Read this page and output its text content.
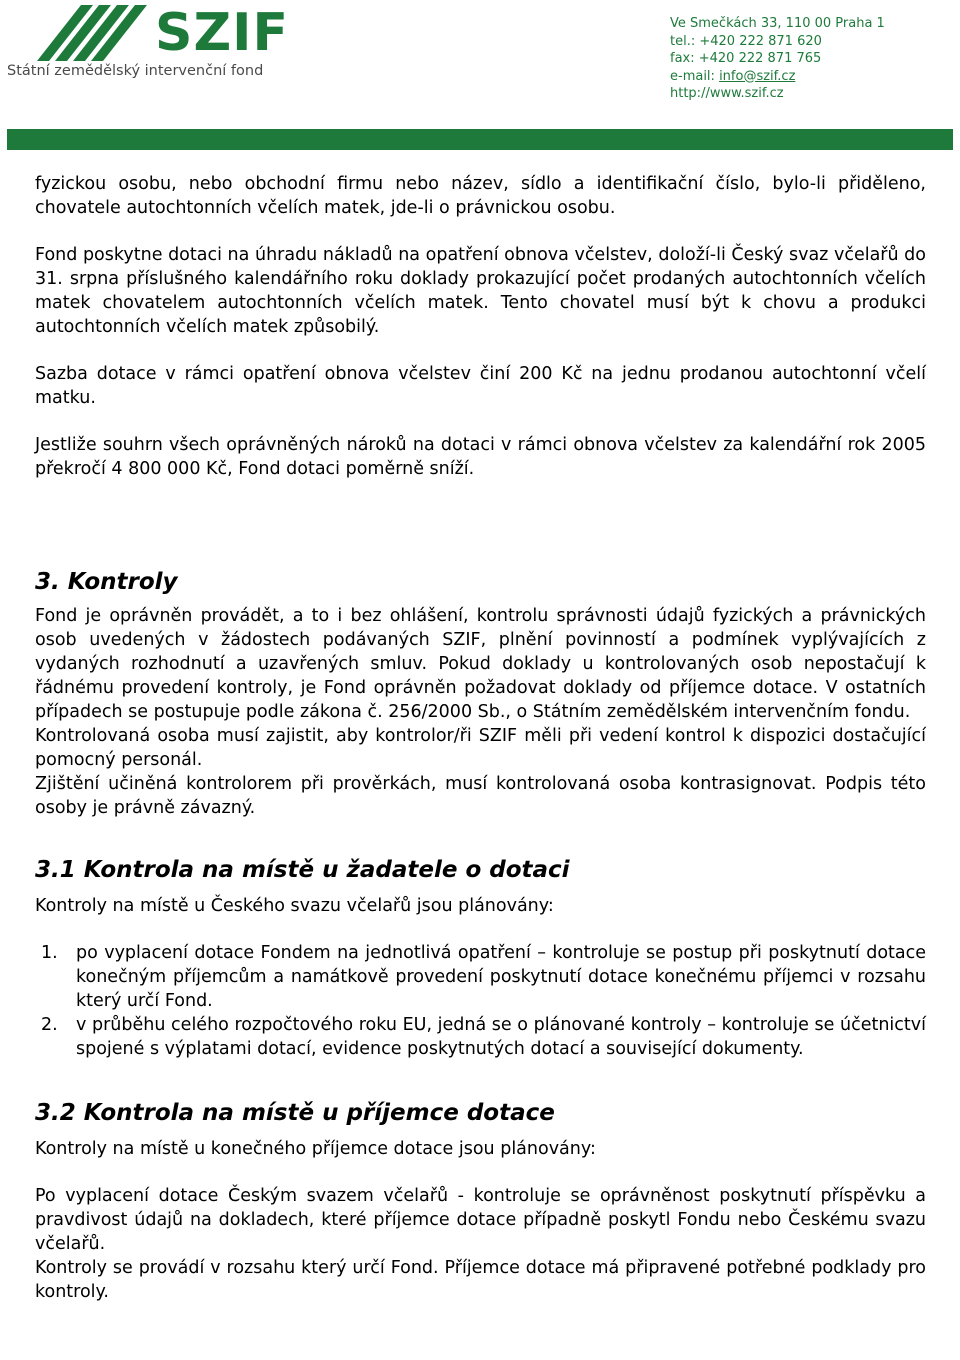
SZIF
Státní zemědělský intervenční fond
Ve Smečkách 33, 110 00 Praha 1
tel.: +420 222 871 620
fax: +420 222 871 765
e-mail: info@szif.cz
http://www.szif.cz

fyzickou osobu, nebo obchodní firmu nebo název, sídlo a identifikační číslo, bylo-li přiděleno, chovatele autochtonních včelích matek, jde-li o právnickou osobu.

Fond poskytne dotaci na úhradu nákladů na opatření obnova včelstev, doloží-li Český svaz včelařů do 31. srpna příslušného kalendářního roku doklady prokazující počet prodaných autochtonních včelích matek chovatelem autochtonních včelích matek. Tento chovatel musí být k chovu a produkci autochtonních včelích matek způsobilý.

Sazba dotace v rámci opatření obnova včelstev činí 200 Kč na jednu prodanou autochtonní včelí matku.

Jestliže souhrn všech oprávněných nároků na dotaci v rámci obnova včelstev za kalendářní rok 2005 překročí 4 800 000 Kč, Fond dotaci poměrně sníží.

3. Kontroly

Fond je oprávněn provádět, a to i bez ohlášení, kontrolu správnosti údajů fyzických a právnických osob uvedených v žádostech podávaných SZIF, plnění povinností a podmínek vyplývajících z vydaných rozhodnutí a uzavřených smluv. Pokud doklady u kontrolovaných osob nepostačují k řádnému provedení kontroly, je Fond oprávněn požadovat doklady od příjemce dotace. V ostatních případech se postupuje podle zákona č. 256/2000 Sb., o Státním zemědělském intervenčním fondu.

Kontrolovaná osoba musí zajistit, aby kontrolor/ři SZIF měli při vedení kontrol k dispozici dostačující pomocný personál.

Zjištění učiněná kontrolorem při prověrkách, musí kontrolovaná osoba kontrasignovat. Podpis této osoby je právně závazný.

3.1 Kontrola na místě u žadatele o dotaci

Kontroly na místě u Českého svazu včelařů jsou plánovány:

1. po vyplacení dotace Fondem na jednotlivá opatření – kontroluje se postup při poskytnutí dotace konečným příjemcům a namátkově provedení poskytnutí dotace konečnému příjemci v rozsahu který určí Fond.
2. v průběhu celého rozpočtového roku EU, jedná se o plánované kontroly – kontroluje se účetnictví spojené s výplatami dotací, evidence poskytnutých dotací a související dokumenty.
3.2 Kontrola na místě u příjemce dotace

Kontroly na místě u konečného příjemce dotace jsou plánovány:

Po vyplacení dotace Českým svazem včelařů - kontroluje se oprávněnost poskytnutí příspěvku a pravdivost údajů na dokladech, které příjemce dotace případně poskytl Fondu nebo Českému svazu včelařů.

Kontroly se provádí v rozsahu který určí Fond. Příjemce dotace má připravené potřebné podklady pro kontroly.
